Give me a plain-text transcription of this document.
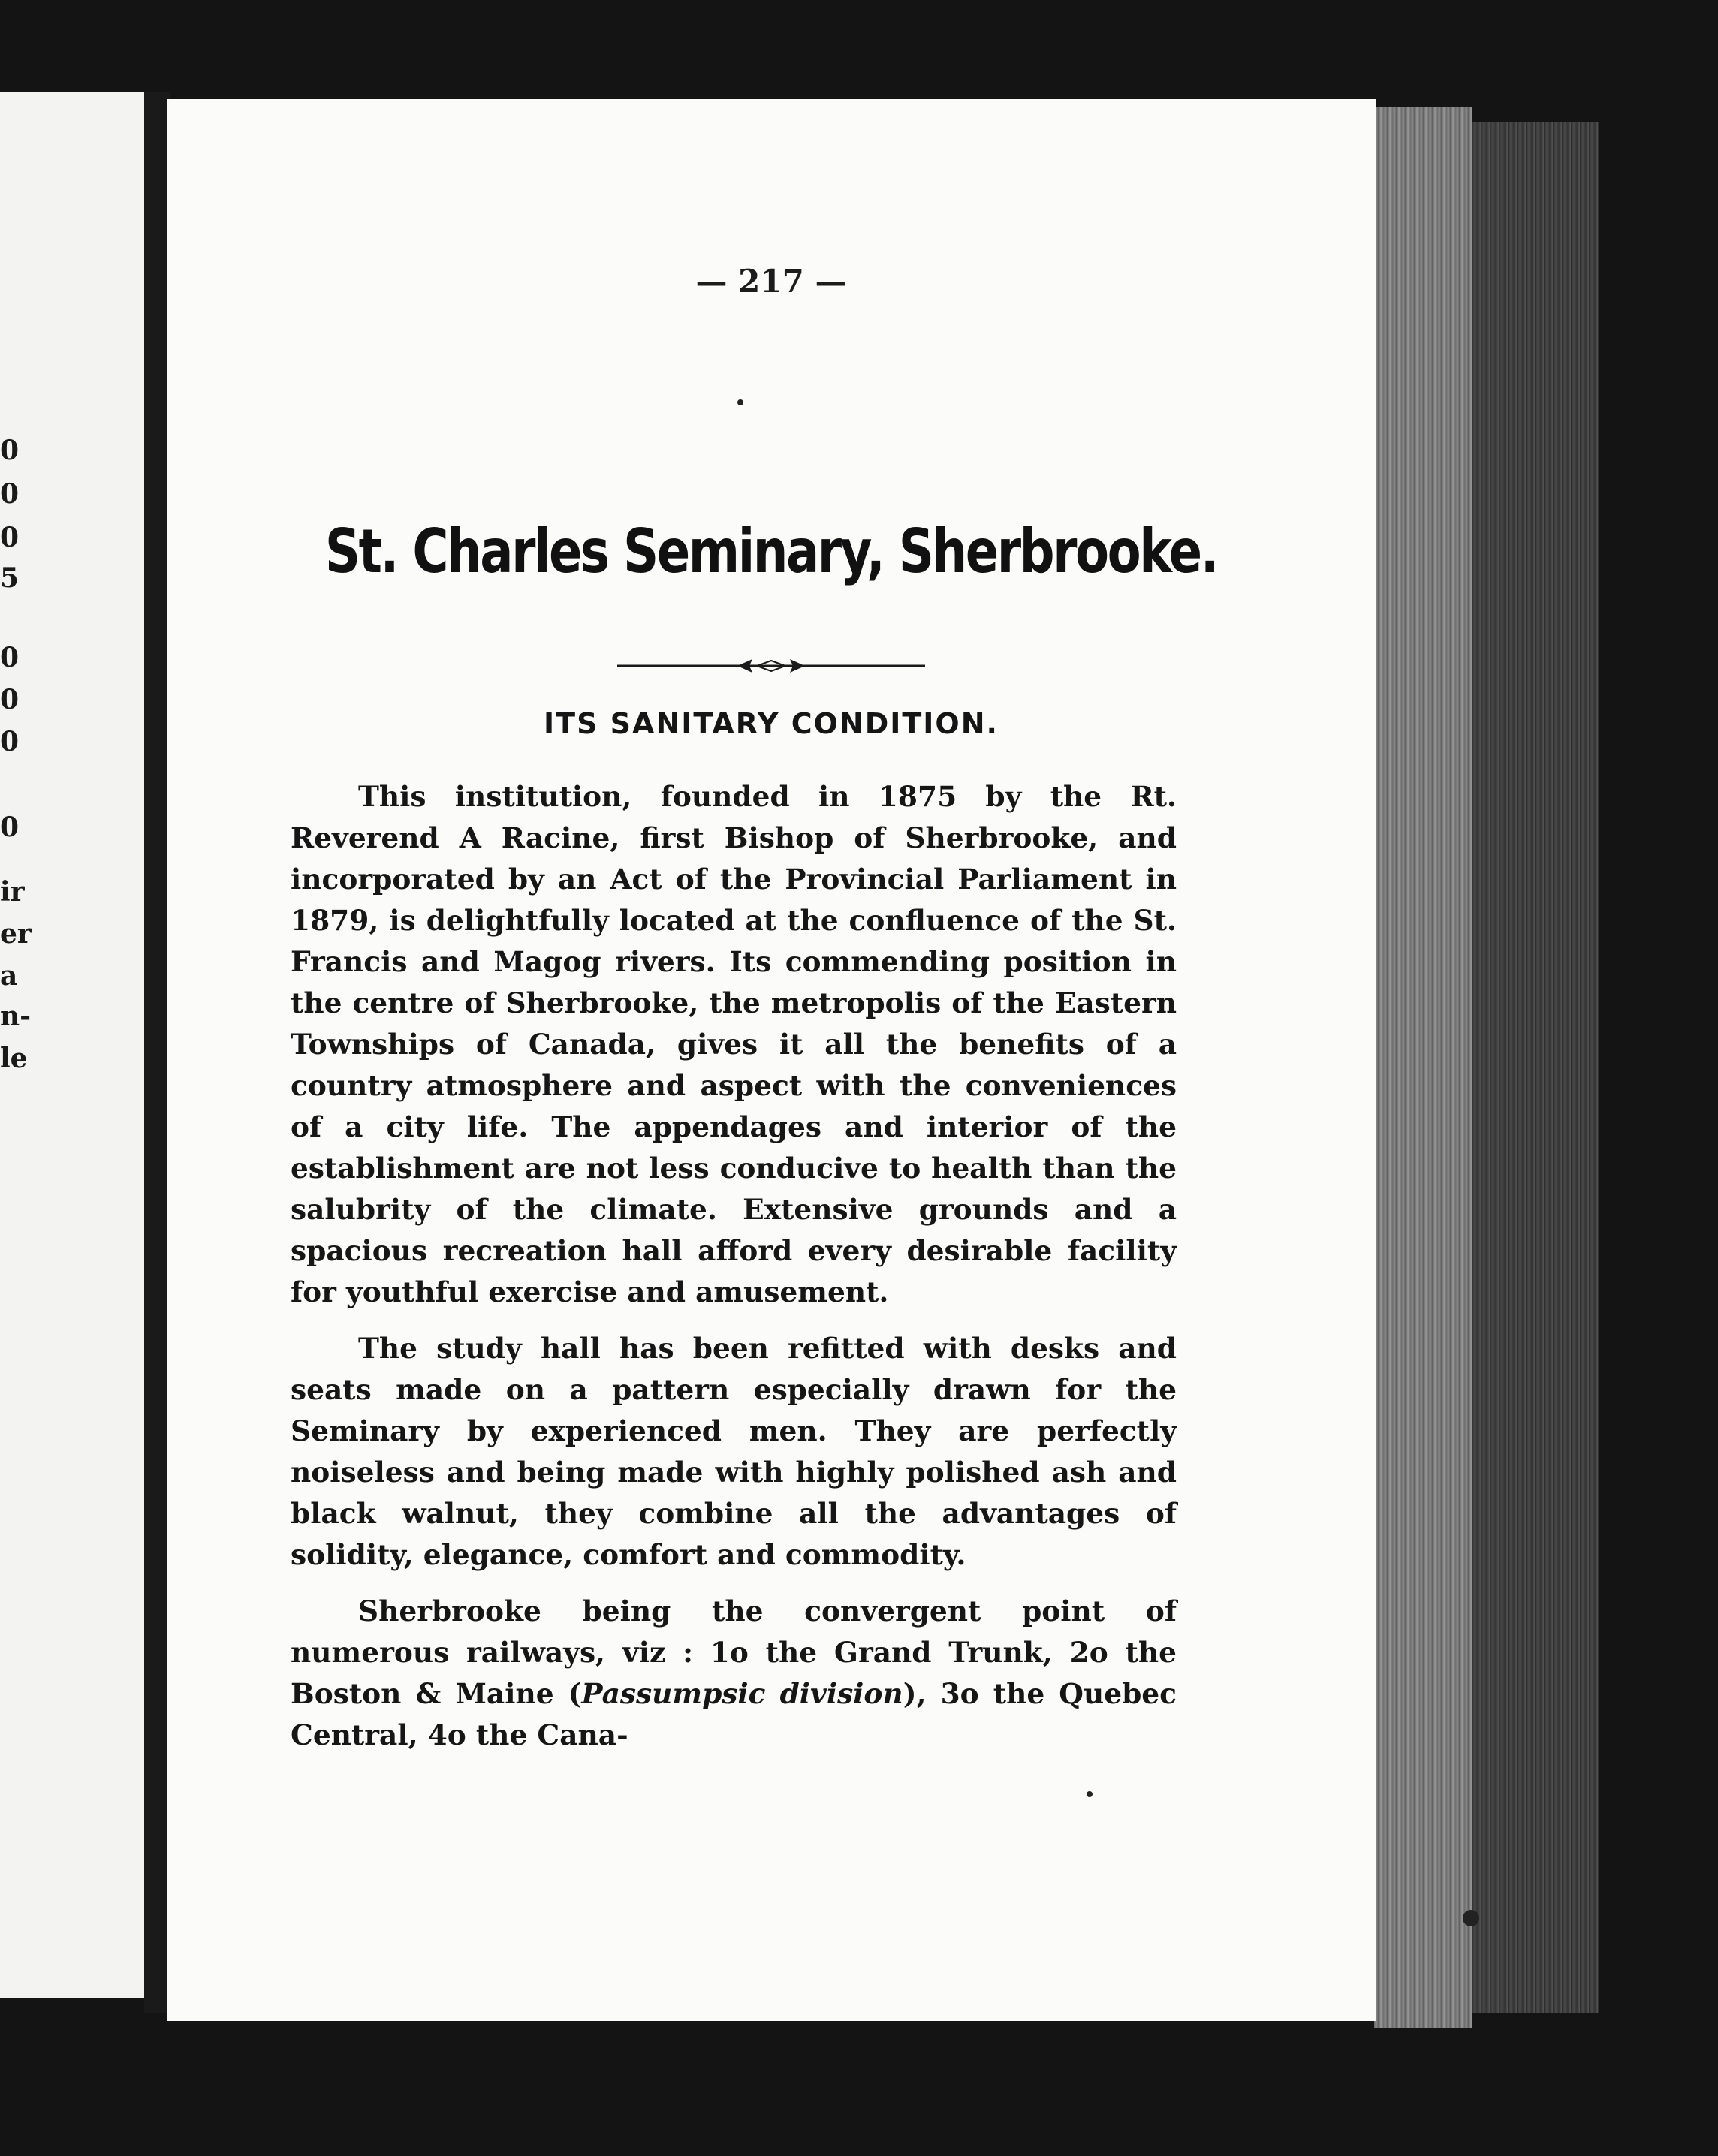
0
0
0
5
0
0
0
0
ir
er
a
n-
le
— 217 —
St. Charles Seminary, Sherbrooke.
ITS SANITARY CONDITION.

This institution, founded in 1875 by the Rt. Reverend A Racine, first Bishop of Sherbrooke, and incorporated by an Act of the Provincial Parliament in 1879, is delightfully located at the confluence of the St. Francis and Magog rivers. Its commending position in the centre of Sherbrooke, the metropolis of the Eastern Townships of Canada, gives it all the benefits of a country atmosphere and aspect with the conveniences of a city life. The appendages and interior of the establishment are not less conducive to health than the salubrity of the climate. Extensive grounds and a spacious recreation hall afford every desirable facility for youthful exercise and amusement.

The study hall has been refitted with desks and seats made on a pattern especially drawn for the Seminary by experienced men. They are perfectly noiseless and being made with highly polished ash and black walnut, they combine all the advantages of solidity, elegance, comfort and commodity.

Sherbrooke being the convergent point of numerous railways, viz : 1o the Grand Trunk, 2o the Boston & Maine (Passumpsic division), 3o the Quebec Central, 4o the Cana-
